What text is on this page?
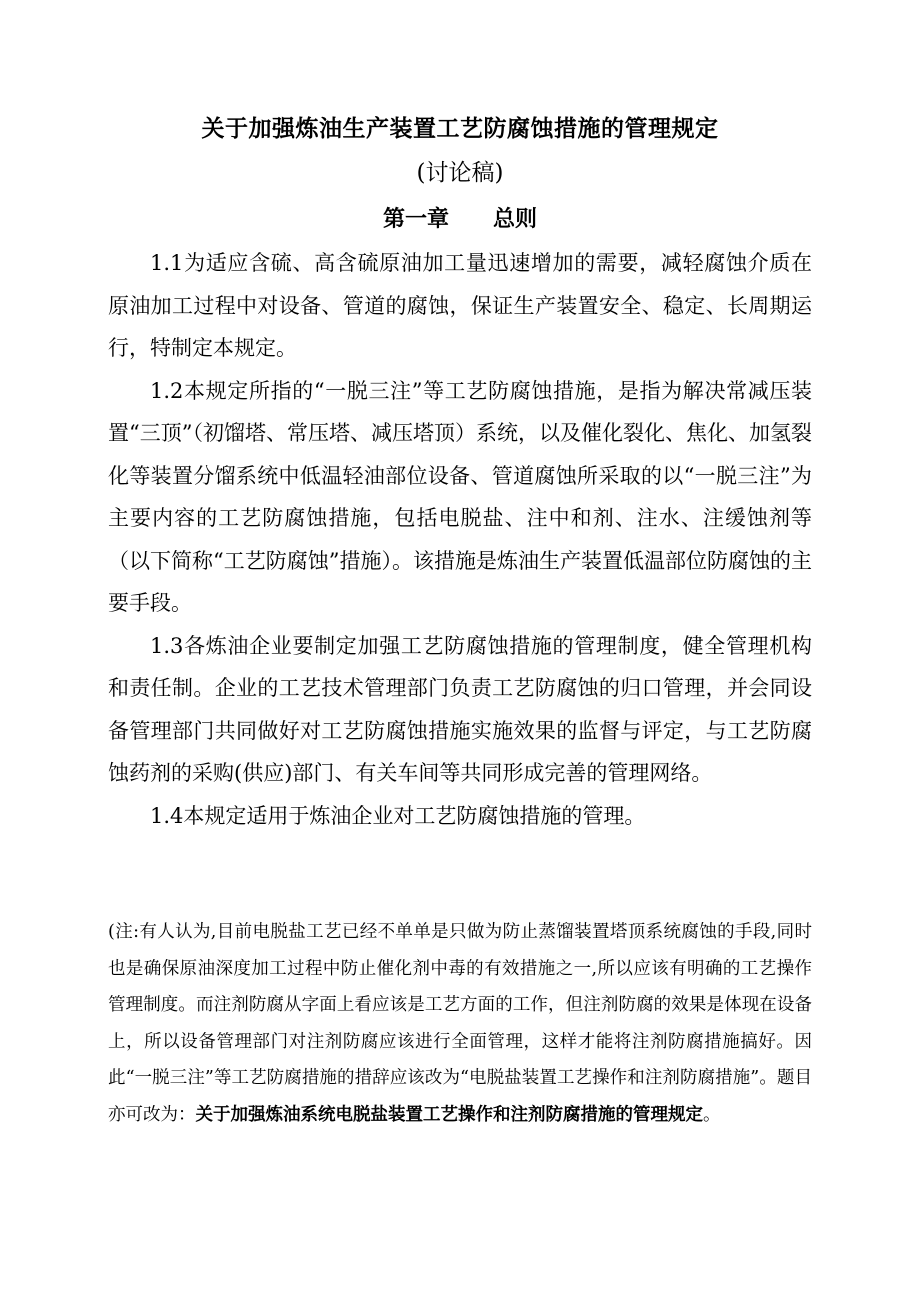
关于加强炼油生产装置工艺防腐蚀措施的管理规定
(讨论稿)
第一章 总则

1.1为适应含硫、高含硫原油加工量迅速增加的需要，减轻腐蚀介质在原油加工过程中对设备、管道的腐蚀，保证生产装置安全、稳定、长周期运行，特制定本规定。

1.2本规定所指的“一脱三注”等工艺防腐蚀措施，是指为解决常减压装置“三顶”（初馏塔、常压塔、减压塔顶）系统，以及催化裂化、焦化、加氢裂化等装置分馏系统中低温轻油部位设备、管道腐蚀所采取的以“一脱三注”为主要内容的工艺防腐蚀措施，包括电脱盐、注中和剂、注水、注缓蚀剂等（以下简称“工艺防腐蚀”措施）。该措施是炼油生产装置低温部位防腐蚀的主要手段。

1.3各炼油企业要制定加强工艺防腐蚀措施的管理制度，健全管理机构和责任制。企业的工艺技术管理部门负责工艺防腐蚀的归口管理，并会同设备管理部门共同做好对工艺防腐蚀措施实施效果的监督与评定，与工艺防腐蚀药剂的采购(供应)部门、有关车间等共同形成完善的管理网络。

1.4本规定适用于炼油企业对工艺防腐蚀措施的管理。

(注:有人认为,目前电脱盐工艺已经不单单是只做为防止蒸馏装置塔顶系统腐蚀的手段,同时也是确保原油深度加工过程中防止催化剂中毒的有效措施之一,所以应该有明确的工艺操作管理制度。而注剂防腐从字面上看应该是工艺方面的工作，但注剂防腐的效果是体现在设备上，所以设备管理部门对注剂防腐应该进行全面管理，这样才能将注剂防腐措施搞好。因此“一脱三注”等工艺防腐措施的措辞应该改为“电脱盐装置工艺操作和注剂防腐措施”。题目亦可改为：关于加强炼油系统电脱盐装置工艺操作和注剂防腐措施的管理规定。
